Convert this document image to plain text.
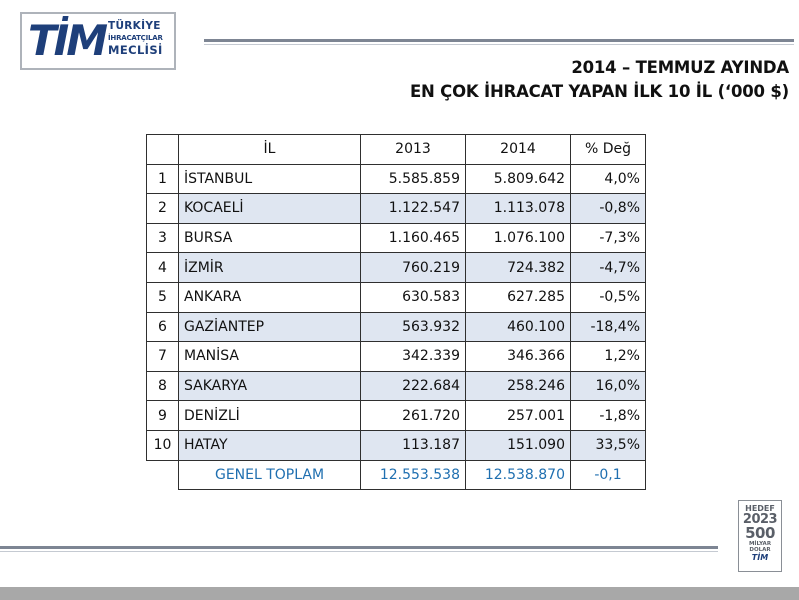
TİM TÜRKİYE
İHRACATÇILAR
MECLİSİ
2014 – TEMMUZ AYINDA
EN ÇOK İHRACAT YAPAN İLK 10 İL (‘000 $)
	İL	2013	2014	% Değ
1	İSTANBUL	5.585.859	5.809.642	4,0%
2	KOCAELİ	1.122.547	1.113.078	-0,8%
3	BURSA	1.160.465	1.076.100	-7,3%
4	İZMİR	760.219	724.382	-4,7%
5	ANKARA	630.583	627.285	-0,5%
6	GAZİANTEP	563.932	460.100	-18,4%
7	MANİSA	342.339	346.366	1,2%
8	SAKARYA	222.684	258.246	16,0%
9	DENİZLİ	261.720	257.001	-1,8%
10	HATAY	113.187	151.090	33,5%
	GENEL TOPLAM	12.553.538	12.538.870	-0,1
HEDEF
2023
500
MİLYAR
DOLAR
TİM
